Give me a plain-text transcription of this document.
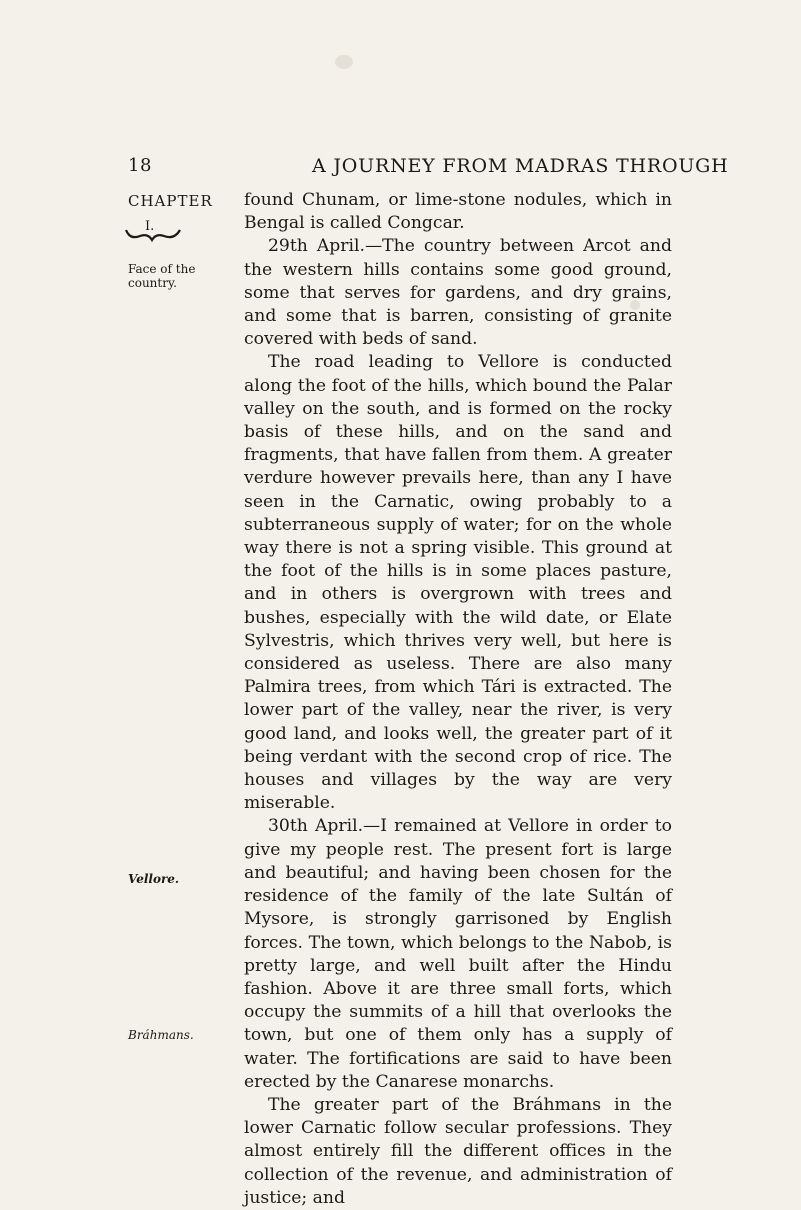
18	A JOURNEY FROM MADRAS THROUGH
CHAPTER
I.
Face of the country.
Vellore.
Bráhmans.

found Chunam, or lime-stone nodules, which in Bengal is called Congcar.

29th April.—The country between Arcot and the western hills contains some good ground, some that serves for gardens, and dry grains, and some that is barren, consisting of granite covered with beds of sand.

The road leading to Vellore is conducted along the foot of the hills, which bound the Palar valley on the south, and is formed on the rocky basis of these hills, and on the sand and fragments, that have fallen from them. A greater verdure however prevails here, than any I have seen in the Carnatic, owing probably to a subterraneous supply of water; for on the whole way there is not a spring visible. This ground at the foot of the hills is in some places pasture, and in others is overgrown with trees and bushes, especially with the wild date, or Elate Sylvestris, which thrives very well, but here is considered as useless. There are also many Palmira trees, from which Tári is extracted. The lower part of the valley, near the river, is very good land, and looks well, the greater part of it being verdant with the second crop of rice. The houses and villages by the way are very miserable.

30th April.—I remained at Vellore in order to give my people rest. The present fort is large and beautiful; and having been chosen for the residence of the family of the late Sultán of Mysore, is strongly garrisoned by English forces. The town, which belongs to the Nabob, is pretty large, and well built after the Hindu fashion. Above it are three small forts, which occupy the summits of a hill that overlooks the town, but one of them only has a supply of water. The fortifications are said to have been erected by the Canarese monarchs.

The greater part of the Bráhmans in the lower Carnatic follow secular professions. They almost entirely fill the different offices in the collection of the revenue, and administration of justice; and
